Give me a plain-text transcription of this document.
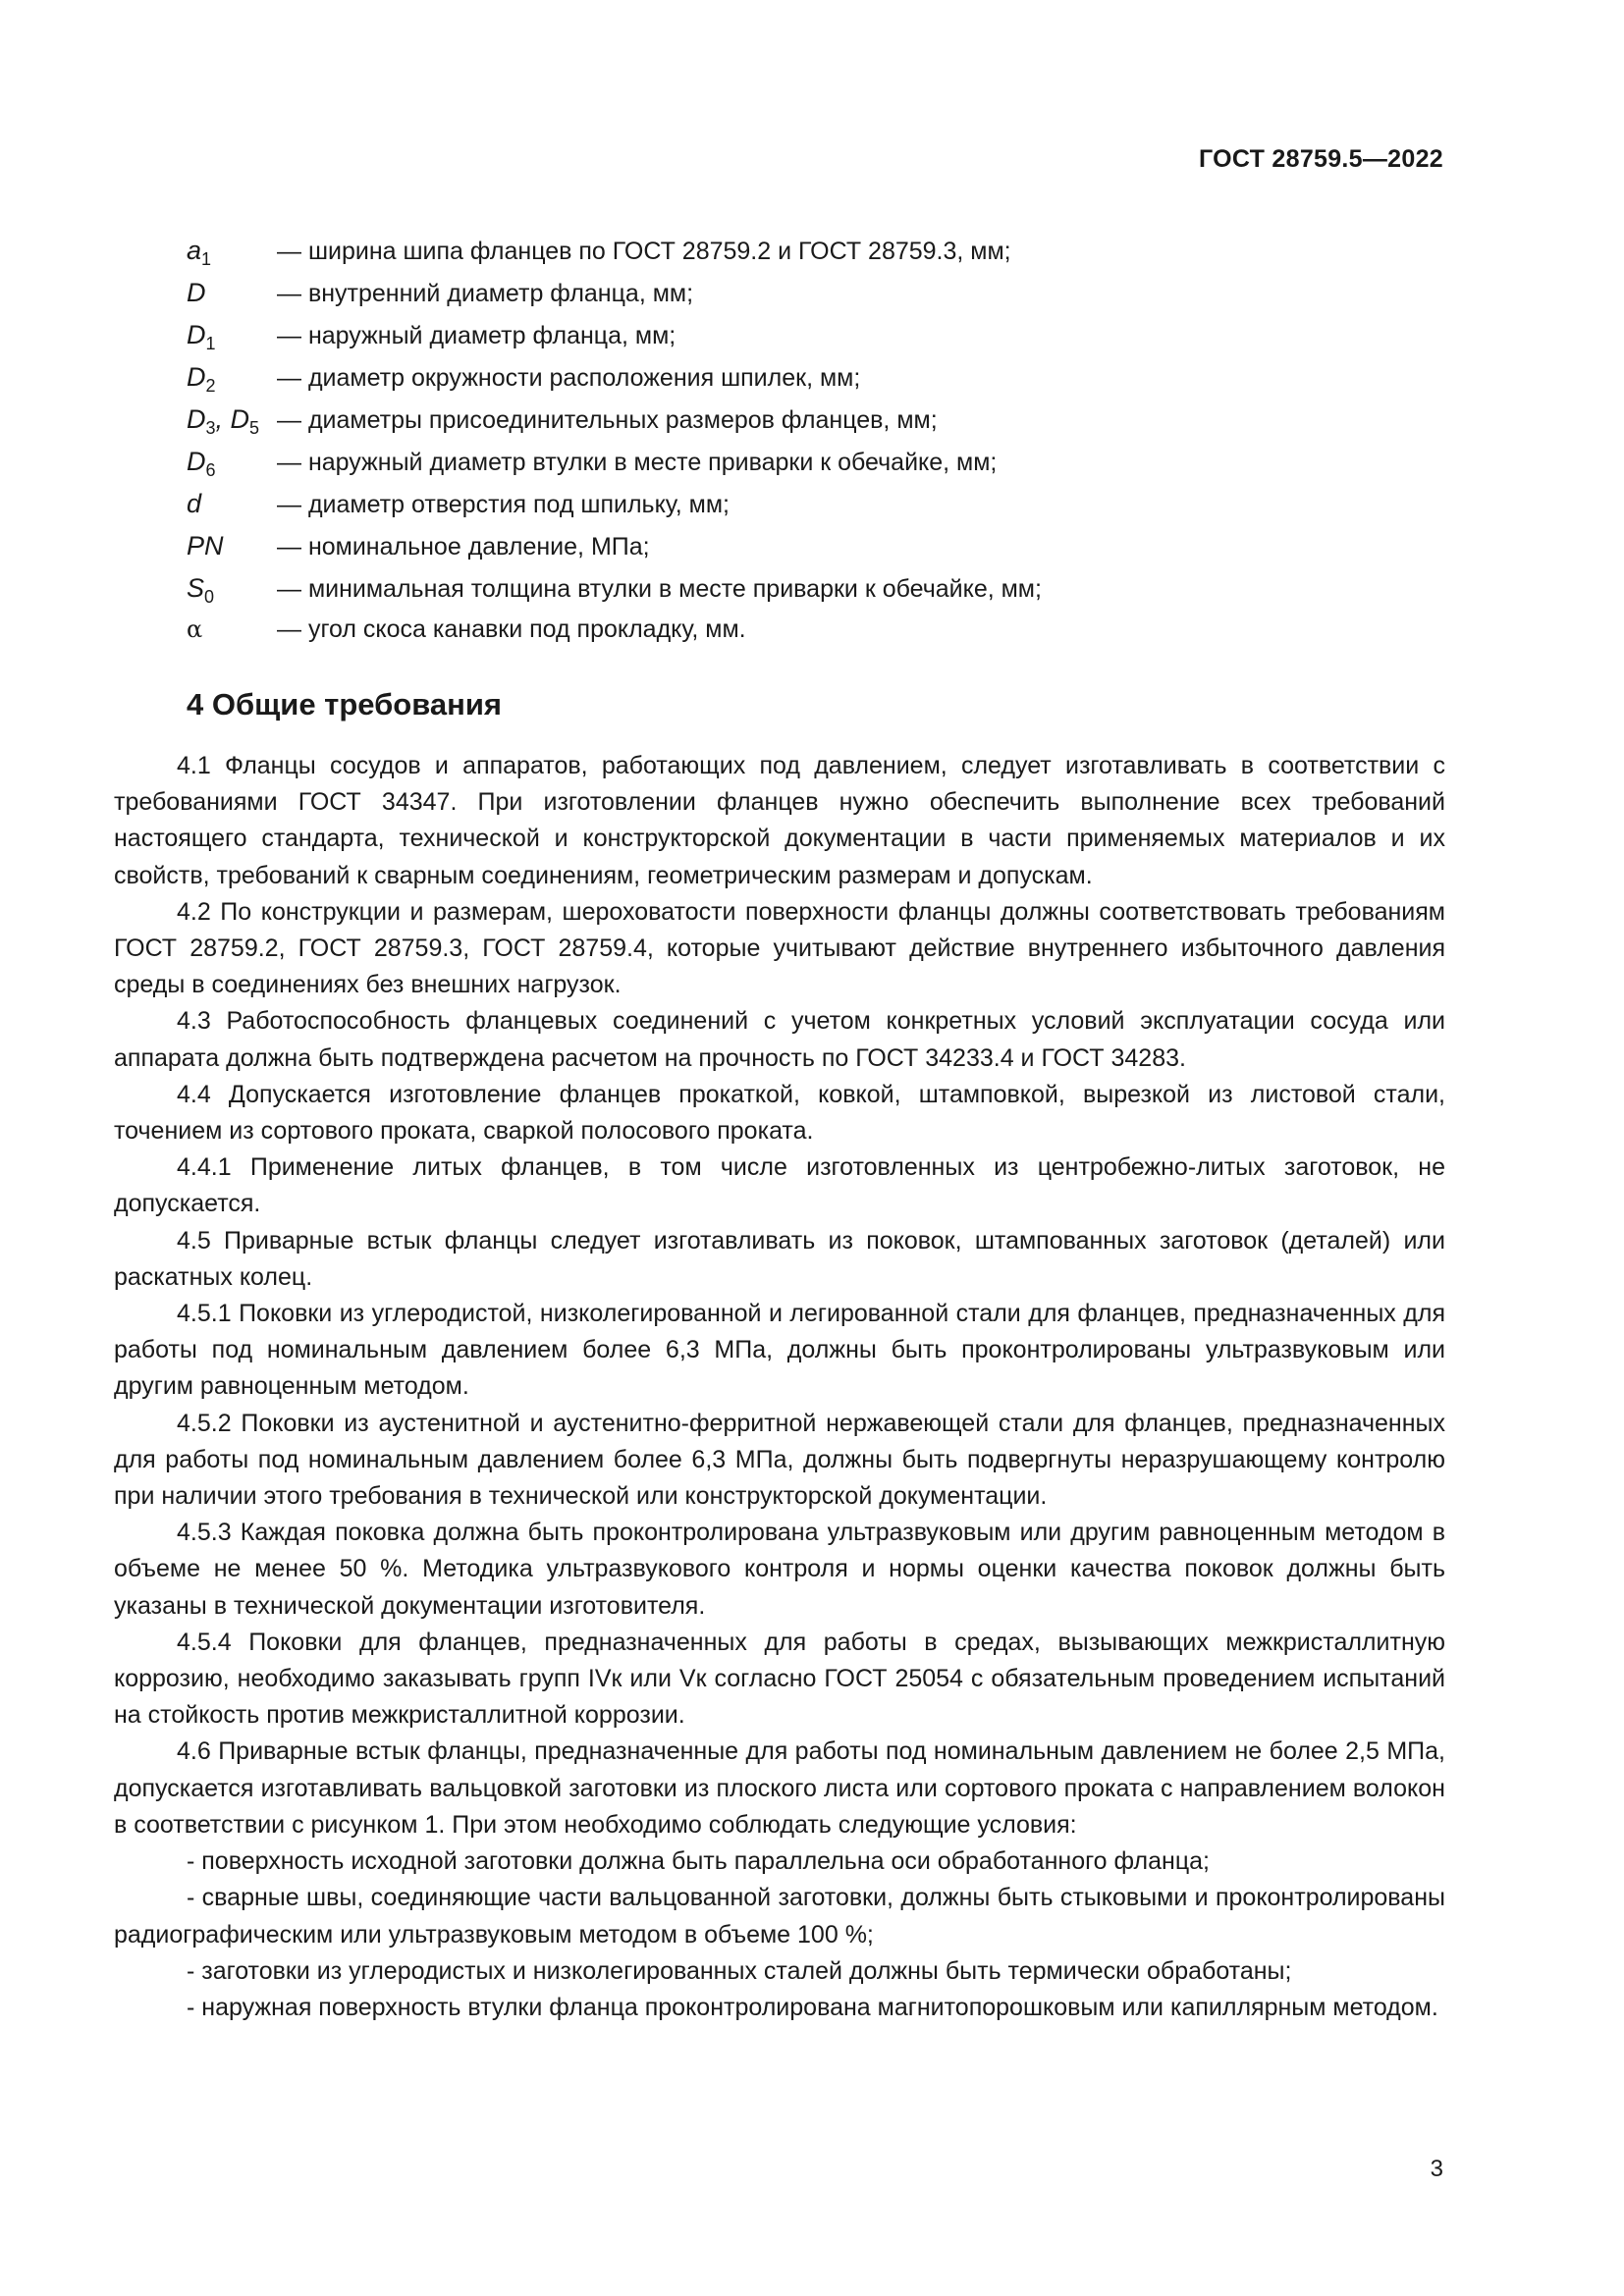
ГОСТ 28759.5—2022
$a_1$	— ширина шипа фланцев по ГОСТ 28759.2 и ГОСТ 28759.3, мм;
D	— внутренний диаметр фланца, мм;
$D_1$	— наружный диаметр фланца, мм;
$D_2$	— диаметр окружности расположения шпилек, мм;
$D_3$, $D_5$ — диаметры присоединительных размеров фланцев, мм;
$D_6$	— наружный диаметр втулки в месте приварки к обечайке, мм;
d	— диаметр отверстия под шпильку, мм;
PN	— номинальное давление, МПа;
$S_0$	— минимальная толщина втулки в месте приварки к обечайке, мм;
α	— угол скоса канавки под прокладку, мм.
4 Общие требования

4.1 Фланцы сосудов и аппаратов, работающих под давлением, следует изготавливать в соответствии с требованиями ГОСТ 34347. При изготовлении фланцев нужно обеспечить выполнение всех требований настоящего стандарта, технической и конструкторской документации в части применяемых материалов и их свойств, требований к сварным соединениям, геометрическим размерам и допускам.

4.2 По конструкции и размерам, шероховатости поверхности фланцы должны соответствовать требованиям ГОСТ 28759.2, ГОСТ 28759.3, ГОСТ 28759.4, которые учитывают действие внутреннего избыточного давления среды в соединениях без внешних нагрузок.

4.3 Работоспособность фланцевых соединений с учетом конкретных условий эксплуатации сосуда или аппарата должна быть подтверждена расчетом на прочность по ГОСТ 34233.4 и ГОСТ 34283.

4.4 Допускается изготовление фланцев прокаткой, ковкой, штамповкой, вырезкой из листовой стали, точением из сортового проката, сваркой полосового проката.

4.4.1 Применение литых фланцев, в том числе изготовленных из центробежно-литых заготовок, не допускается.

4.5 Приварные встык фланцы следует изготавливать из поковок, штампованных заготовок (деталей) или раскатных колец.

4.5.1 Поковки из углеродистой, низколегированной и легированной стали для фланцев, предназначенных для работы под номинальным давлением более 6,3 МПа, должны быть проконтролированы ультразвуковым или другим равноценным методом.

4.5.2 Поковки из аустенитной и аустенитно-ферритной нержавеющей стали для фланцев, предназначенных для работы под номинальным давлением более 6,3 МПа, должны быть подвергнуты неразрушающему контролю при наличии этого требования в технической или конструкторской документации.

4.5.3 Каждая поковка должна быть проконтролирована ультразвуковым или другим равноценным методом в объеме не менее 50 %. Методика ультразвукового контроля и нормы оценки качества поковок должны быть указаны в технической документации изготовителя.

4.5.4 Поковки для фланцев, предназначенных для работы в средах, вызывающих межкристаллитную коррозию, необходимо заказывать групп IVк или Vк согласно ГОСТ 25054 с обязательным проведением испытаний на стойкость против межкристаллитной коррозии.

4.6 Приварные встык фланцы, предназначенные для работы под номинальным давлением не более 2,5 МПа, допускается изготавливать вальцовкой заготовки из плоского листа или сортового проката с направлением волокон в соответствии с рисунком 1. При этом необходимо соблюдать следующие условия:

- поверхность исходной заготовки должна быть параллельна оси обработанного фланца;

- сварные швы, соединяющие части вальцованной заготовки, должны быть стыковыми и проконтролированы радиографическим или ультразвуковым методом в объеме 100 %;

- заготовки из углеродистых и низколегированных сталей должны быть термически обработаны;

- наружная поверхность втулки фланца проконтролирована магнитопорошковым или капиллярным методом.

3
